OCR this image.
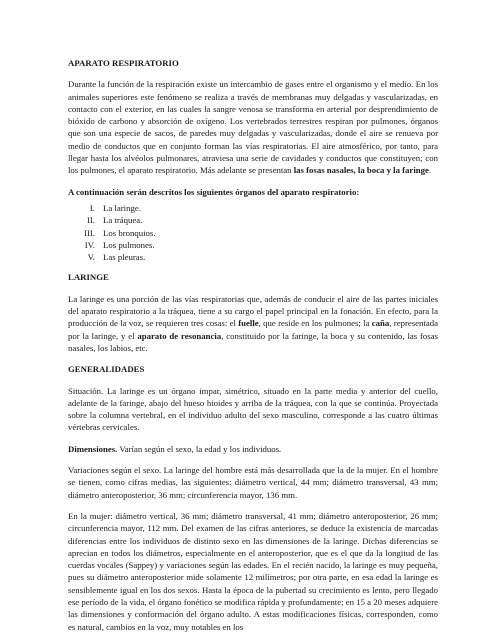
APARATO RESPIRATORIO

Durante la función de la respiración existe un intercambio de gases entre el organismo y el medio. En los animales superiores este fenómeno se realiza a través de membranas muy delgadas y vascularizadas, en contacto con el exterior, en las cuales la sangre venosa se transforma en arterial por desprendimiento de bióxido de carbono y absorción de oxígeno. Los vertebrados terrestres respiran por pulmones, órganos que son una especie de sacos, de paredes muy delgadas y vascularizadas, donde el aire se renueva por medio de conductos que en conjunto forman las vías respiratorias. El aire atmosférico, por tanto, para llegar hasta los alvéolos pulmonares, atraviesa una serie de cavidades y conductos que constituyen; con los pulmones, el aparato respiratorio. Más adelante se presentan las fosas nasales, la boca y la faringe.

A continuación serán descritos los siguientes órganos del aparato respiratorio:

I. La laringe.
II. La tráquea.
III. Los bronquios.
IV. Los pulmones.
V. Las pleuras.
LARINGE

La laringe es una porción de las vías respiratorias que, además de conducir el aire de las partes iniciales del aparato respiratorio a la tráquea, tiene a su cargo el papel principal en la fonación. En efecto, para la producción de la voz, se requieren tres cosas: el fuelle, que reside en los pulmones; la caña, representada por la laringe, y el aparato de resonancia, constituido por la faringe, la boca y su contenido, las fosas nasales, los labios, etc.

GENERALIDADES

Situación. La laringe es un órgano impar, simétrico, situado en la parte media y anterior del cuello, adelante de la faringe, abajo del hueso hioides y arriba de la tráquea, con la que se continúa. Proyectada sobre la columna vertebral, en el individuo adulto del sexo masculino, corresponde a las cuatro últimas vértebras cervicales.

Dimensiones. Varían según el sexo, la edad y los individuos.

Variaciones según el sexo. La laringe del hombre está más desarrollada que la de la mujer. En el hombre se tienen, como cifras medias, las siguientes: diámetro vertical, 44 mm; diámetro transversal, 43 mm; diámetro anteroposterior, 36 mm; circunferencia mayor, 136 mm.

En la mujer: diámetro vertical, 36 mm; diámetro transversal, 41 mm; diámetro anteroposterior, 26 mm; circunferencia mayor, 112 mm. Del examen de las cifras anteriores, se deduce la existencia de marcadas diferencias entre los individuos de distinto sexo en las dimensiones de la laringe. Dichas diferencias se aprecian en todos los diámetros, especialmente en el anteroposterior, que es el que da la longitud de las cuerdas vocales (Sappey) y variaciones según las edades. En el recién nacido, la laringe es muy pequeña, pues su diámetro anteroposterior mide solamente 12 milímetros; por otra parte, en esa edad la laringe es sensiblemente igual en los dos sexos. Hasta la época de la pubertad su crecimiento es lento, pero llegado ese período de la vida, el órgano fonético se modifica rápida y profundamente; en 15 a 20 meses adquiere las dimensiones y conformación del órgano adulto. A estas modificaciones físicas, corresponden, como es natural, cambios en la voz, muy notables en los
